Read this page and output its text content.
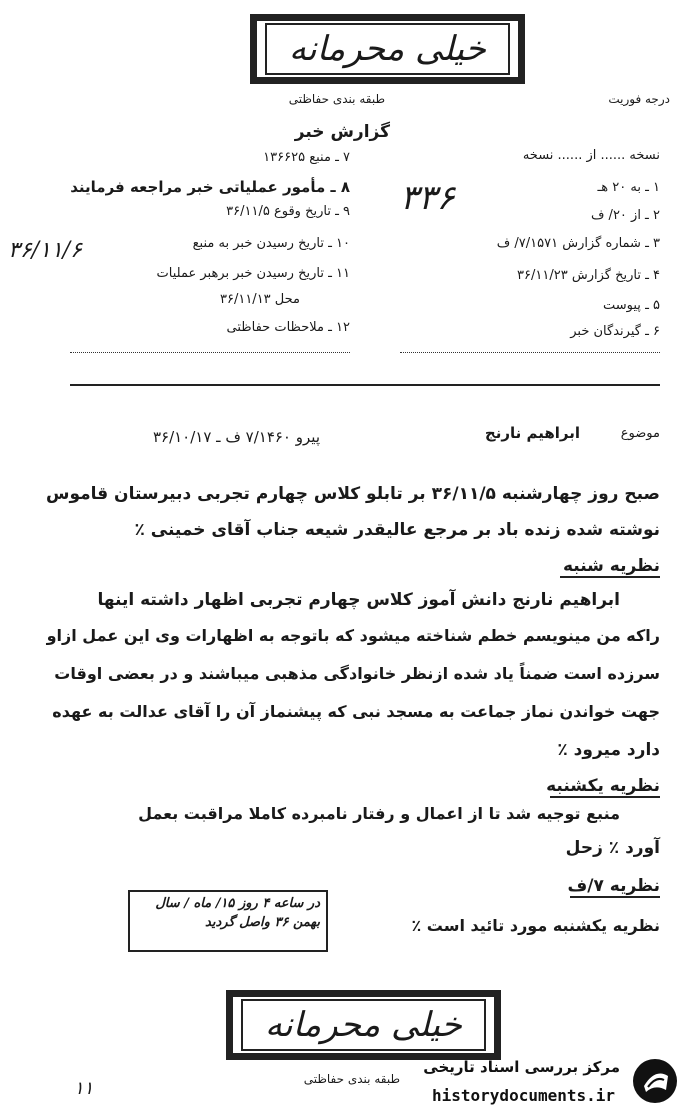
خیلی محرمانه
طبقه بندی حفاظتی	درجه فوریت
گزارش خبر
نسخه ...... از ...... نسخه
۷ ـ منبع ۱۳۶۶۲۵
۸ ـ مأمور عملیاتی خبر مراجعه فرمایند
۹ ـ تاریخ وقوع ۳۶/۱۱/۵
۱۰ ـ تاریخ رسیدن خبر به منبع
۱۱ ـ تاریخ رسیدن خبر برهبر عملیات
محل ۳۶/۱۱/۱۳
۱۲ ـ ملاحظات حفاظتی
۳۶/۱۱/۶
۱ ـ به ۲۰ هـ
۲ ـ از ۲۰/ ف
۳ ـ شماره گزارش ۷/۱۵۷۱/ ف
۴ ـ تاریخ گزارش ۳۶/۱۱/۲۳
۵ ـ پیوست
۶ ـ گیرندگان خبر
۳۳۶
موضوع
ابراهیم نارنج
پیرو ۷/۱۴۶۰ ف ـ ۳۶/۱۰/۱۷
صبح روز چهارشنبه ۳۶/۱۱/۵ بر تابلو کلاس چهارم تجربی دبیرستان قاموس
نوشته شده زنده باد بر مرجع عالیقدر شیعه جناب آقای خمینی ٪
نظریه شنبه
ابراهیم نارنج دانش آموز کلاس چهارم تجربی اظهار داشته اینها
راکه من مینویسم خطم شناخته میشود که باتوجه به اظهارات وی این عمل ازاو
سرزده است ضمناً یاد شده ازنظر خانوادگی مذهبی میباشند و در بعضی اوقات
جهت خواندن نماز جماعت به مسجد نبی که پیشنماز آن را آقای عدالت به عهده
دارد میرود ٪
نظریه یکشنبه
منبع توجیه شد تا از اعمال و رفتار نامبرده کاملا مراقبت بعمل
آورد ٪ زحل
نظریه ۷/ف
نظریه یکشنبه مورد تائید است ٪
در ساعه ۴ روز ۱۵/ ماه / سال
بهمن ۳۶ واصل گردید
خیلی محرمانه
طبقه بندی حفاظتی
۱۱
مرکز بررسی اسناد تاریخی
historydocuments.ir
